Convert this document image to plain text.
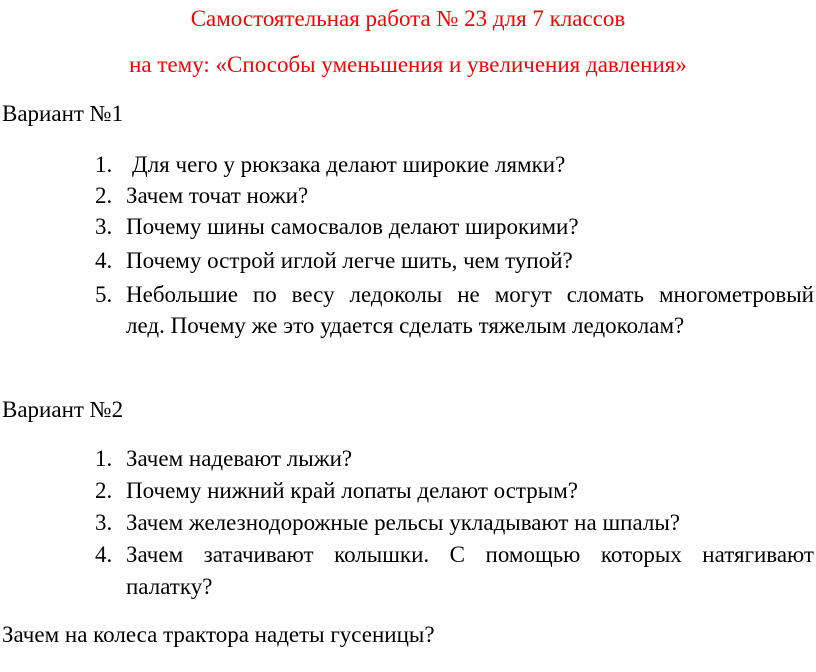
Самостоятельная работа № 23 для 7 классов
на тему: «Способы уменьшения и увеличения давления»
Вариант №1
1. Для чего у рюкзака делают широкие лямки?
2. Зачем точат ножи?
3. Почему шины самосвалов делают широкими?
4. Почему острой иглой легче шить, чем тупой?
5. Небольшие по весу ледоколы не могут сломать многометровый
лед. Почему же это удается сделать тяжелым ледоколам?
Вариант №2
1. Зачем надевают лыжи?
2. Почему нижний край лопаты делают острым?
3. Зачем железнодорожные рельсы укладывают на шпалы?
4. Зачем затачивают колышки. С помощью которых натягивают
палатку?
Зачем на колеса трактора надеты гусеницы?
